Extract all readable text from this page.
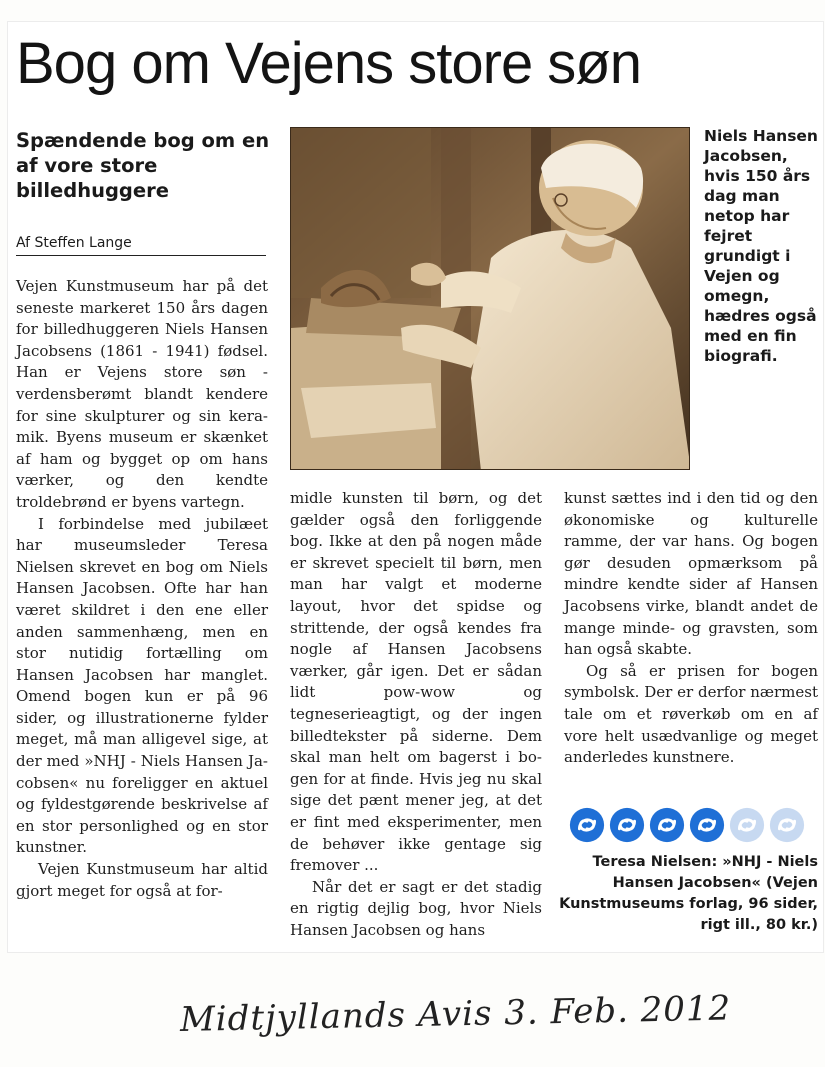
Bog om Vejens store søn
Spændende bog om en af vore store billedhuggere
Af Steffen Lange

Vejen Kunstmuseum har på det seneste markeret 150 års dagen for billedhuggeren Niels Hansen Jacobsens (1861 - 1941) fødsel. Han er Vejens store søn - verdensberømt blandt kendere for sine skulpturer og sin keramik. Byens museum er skænket af ham og bygget op om hans værker, og den kendte troldebrønd er byens vartegn.

I forbindelse med jubilæet har museumsleder Teresa Nielsen skrevet en bog om Niels Hansen Jacobsen. Ofte har han været skildret i den ene eller anden sammenhæng, men en stor nutidig fortælling om Hansen Jacobsen har manglet. Omend bogen kun er på 96 sider, og illustrationerne fylder meget, må man alligevel sige, at der med »NHJ - Niels Hansen Jacobsen« nu foreligger en aktuel og fyldestgørende beskrivelse af en stor personlighed og en stor kunstner.

Vejen Kunstmuseum har altid gjort meget for også at for-

Niels Hansen Jacobsen, hvis 150 års dag man netop har fejret grundigt i Vejen og omegn, hædres også med en fin biografi.

midle kunsten til børn, og det gælder også den forliggende bog. Ikke at den på nogen måde er skrevet specielt til børn, men man har valgt et moderne layout, hvor det spidse og strittende, der også kendes fra nogle af Hansen Jacobsens værker, går igen. Det er sådan lidt pow-wow og tegneserieagtigt, og der ingen billedtekster på siderne. Dem skal man helt om bagerst i bogen for at finde. Hvis jeg nu skal sige det pænt mener jeg, at det er fint med eksperimenter, men de behøver ikke gentage sig fremover ...

Når det er sagt er det stadig en rigtig dejlig bog, hvor Niels Hansen Jacobsen og hans

kunst sættes ind i den tid og den økonomiske og kulturelle ramme, der var hans. Og bogen gør desuden opmærksom på mindre kendte sider af Hansen Jacobsens virke, blandt andet de mange minde- og gravsten, som han også skabte.

Og så er prisen for bogen symbolsk. Der er derfor nærmest tale om et røverkøb om en af vore helt usædvanlige og meget anderledes kunstnere.

Teresa Nielsen: »NHJ - Niels Hansen Jacobsen« (Vejen Kunstmuseums forlag, 96 sider, rigt ill., 80 kr.)
Midtjyllands Avis 3. Feb. 2012
